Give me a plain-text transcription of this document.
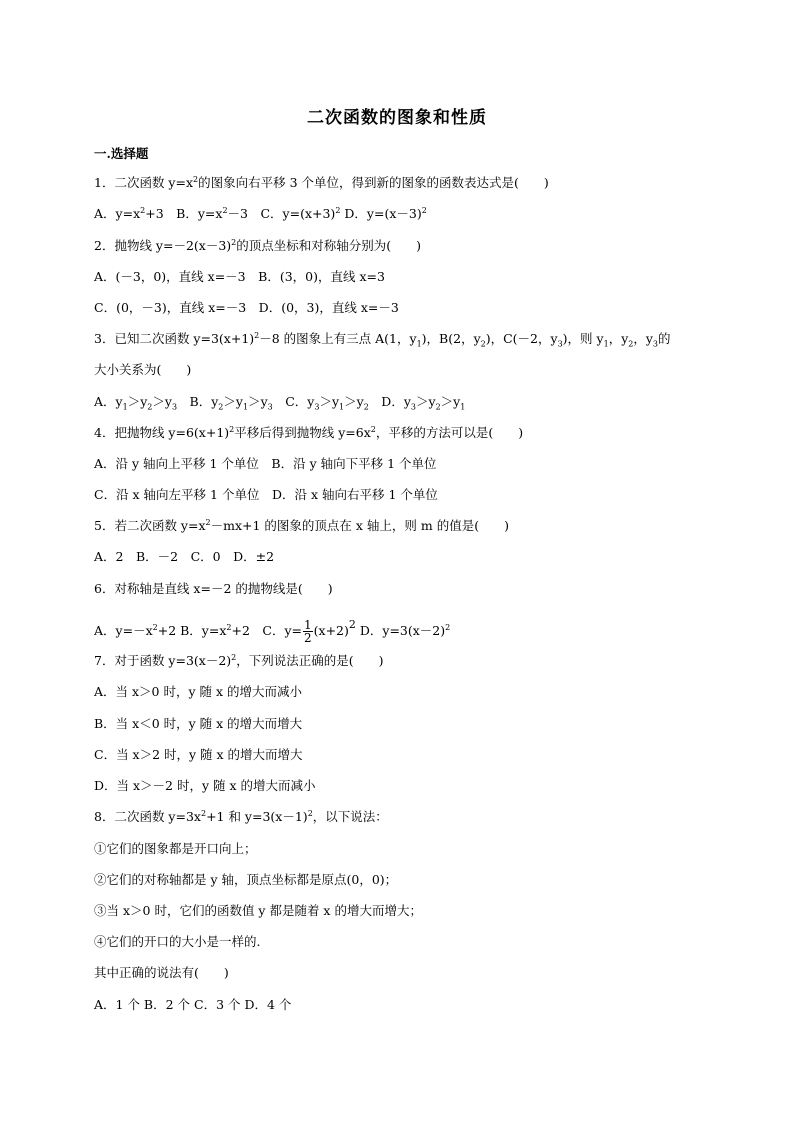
二次函数的图象和性质
一.选择题
1．二次函数 $y=x^2$的图象向右平移 3 个单位，得到新的图象的函数表达式是(　　)
A．$y=x^2+3$　B．$y=x^2-3$　C．$y=(x+3)^2$ D．$y=(x-3)^2$
2．抛物线 $y=-2(x-3)^2$的顶点坐标和对称轴分别为(　　)
A．(－3，0)，直线 x=－3　B．(3，0)，直线 x=3
C．(0，－3)，直线 x=－3　D．(0，3)，直线 x=－3
3．已知二次函数 $y=3(x+1)^2-8$ 的图象上有三点 A(1，$y_1$)，B(2，$y_2$)，C(－2，$y_3$)，则 $y_1$，$y_2$，$y_3$的
大小关系为(　　)
A．$y_1>y_2>y_3$　B．$y_2>y_1>y_3$　C．$y_3>y_1>y_2$　D．$y_3>y_2>y_1$
4．把抛物线 $y=6(x+1)^2$平移后得到抛物线 $y=6x^2$，平移的方法可以是(　　)
A．沿 y 轴向上平移 1 个单位　B．沿 y 轴向下平移 1 个单位
C．沿 x 轴向左平移 1 个单位　D．沿 x 轴向右平移 1 个单位
5．若二次函数 $y=x^2-mx+1$ 的图象的顶点在 x 轴上，则 m 的值是(　　)
A．2　B．－2　C．0　D．±2
6．对称轴是直线 x=－2 的抛物线是(　　)
A．$y=-x^2+2$ B．$y=x^2+2$　C．$y= \frac{1}{2} (x+2)2$ D．$y=3(x-2)^2$
7．对于函数 $y=3(x-2)^2$，下列说法正确的是(　　)
A．当 x＞0 时，y 随 x 的增大而减小
B．当 x＜0 时，y 随 x 的增大而增大
C．当 x＞2 时，y 随 x 的增大而增大
D．当 x＞－2 时，y 随 x 的增大而减小
8．二次函数 $y=3x^2+1$ 和 $y=3(x-1)^2$，以下说法：
①它们的图象都是开口向上；
②它们的对称轴都是 y 轴，顶点坐标都是原点(0，0)；
③当 x＞0 时，它们的函数值 y 都是随着 x 的增大而增大；
④它们的开口的大小是一样的.
其中正确的说法有(　　)
A．1 个 B．2 个 C．3 个 D．4 个
